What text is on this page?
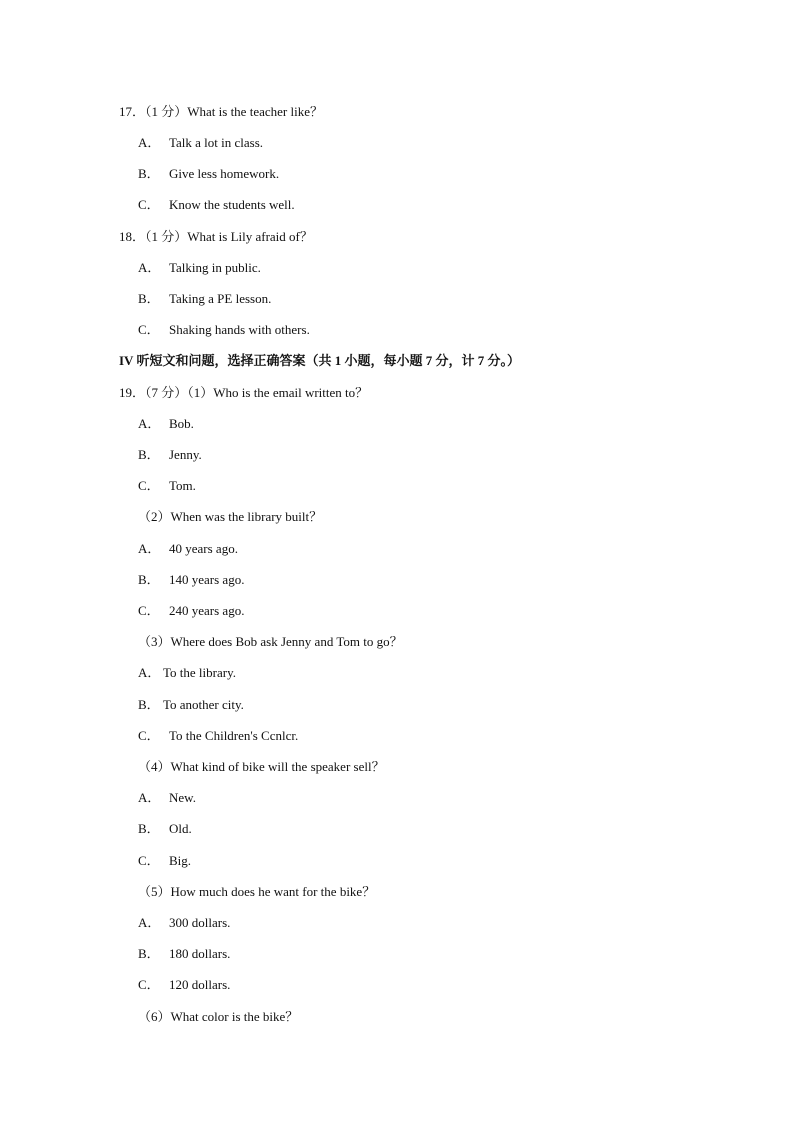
17．（1 分）What is the teacher like？
A． Talk a lot in class.
B． Give less homework.
C． Know the students well.
18．（1 分）What is Lily afraid of？
A． Talking in public.
B． Taking a PE lesson.
C． Shaking hands with others.
IV 听短文和问题，选择正确答案（共 1 小题，每小题 7 分，计 7 分。）
19．（7 分）（1）Who is the email written to？
A． Bob.
B． Jenny.
C． Tom.
（2）When was the library built？
A． 40 years ago.
B． 140 years ago.
C． 240 years ago.
（3）Where does Bob ask Jenny and Tom to go？
A． To the library.
B． To another city.
C． To the Children's Ccnlcr.
（4）What kind of bike will the speaker sell？
A． New.
B． Old.
C． Big.
（5）How much does he want for the bike？
A． 300 dollars.
B． 180 dollars.
C． 120 dollars.
（6）What color is the bike？
